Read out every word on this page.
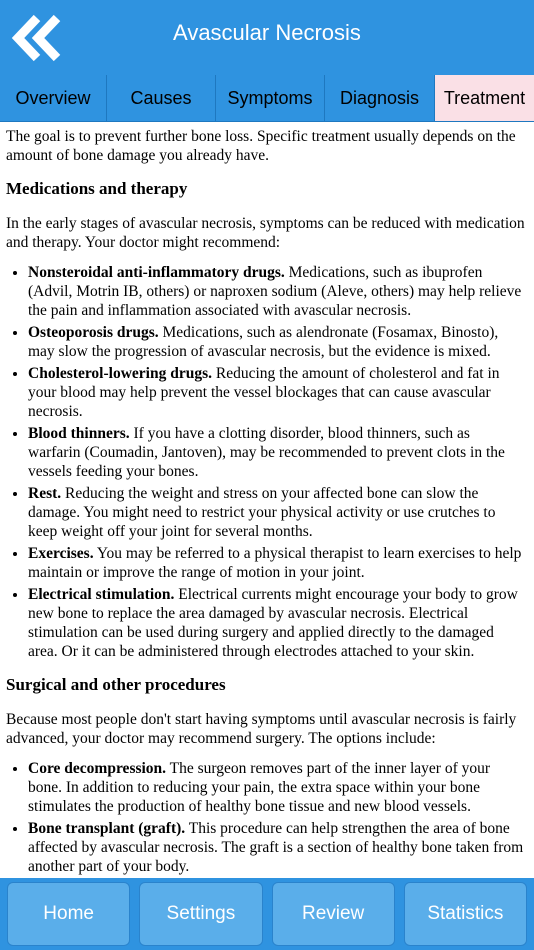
Avascular Necrosis
Overview	Causes	Symptoms	Diagnosis	Treatment

The goal is to prevent further bone loss. Specific treatment usually depends on the amount of bone damage you already have.

Medications and therapy

In the early stages of avascular necrosis, symptoms can be reduced with medication and therapy. Your doctor might recommend:

• Nonsteroidal anti-inflammatory drugs. Medications, such as ibuprofen (Advil, Motrin IB, others) or naproxen sodium (Aleve, others) may help relieve the pain and inflammation associated with avascular necrosis.
• Osteoporosis drugs. Medications, such as alendronate (Fosamax, Binosto), may slow the progression of avascular necrosis, but the evidence is mixed.
• Cholesterol-lowering drugs. Reducing the amount of cholesterol and fat in your blood may help prevent the vessel blockages that can cause avascular necrosis.
• Blood thinners. If you have a clotting disorder, blood thinners, such as warfarin (Coumadin, Jantoven), may be recommended to prevent clots in the vessels feeding your bones.
• Rest. Reducing the weight and stress on your affected bone can slow the damage. You might need to restrict your physical activity or use crutches to keep weight off your joint for several months.
• Exercises. You may be referred to a physical therapist to learn exercises to help maintain or improve the range of motion in your joint.
• Electrical stimulation. Electrical currents might encourage your body to grow new bone to replace the area damaged by avascular necrosis. Electrical stimulation can be used during surgery and applied directly to the damaged area. Or it can be administered through electrodes attached to your skin.
Surgical and other procedures

Because most people don't start having symptoms until avascular necrosis is fairly advanced, your doctor may recommend surgery. The options include:

• Core decompression. The surgeon removes part of the inner layer of your bone. In addition to reducing your pain, the extra space within your bone stimulates the production of healthy bone tissue and new blood vessels.
• Bone transplant (graft). This procedure can help strengthen the area of bone affected by avascular necrosis. The graft is a section of healthy bone taken from another part of your body.
Home	Settings	Review	Statistics
